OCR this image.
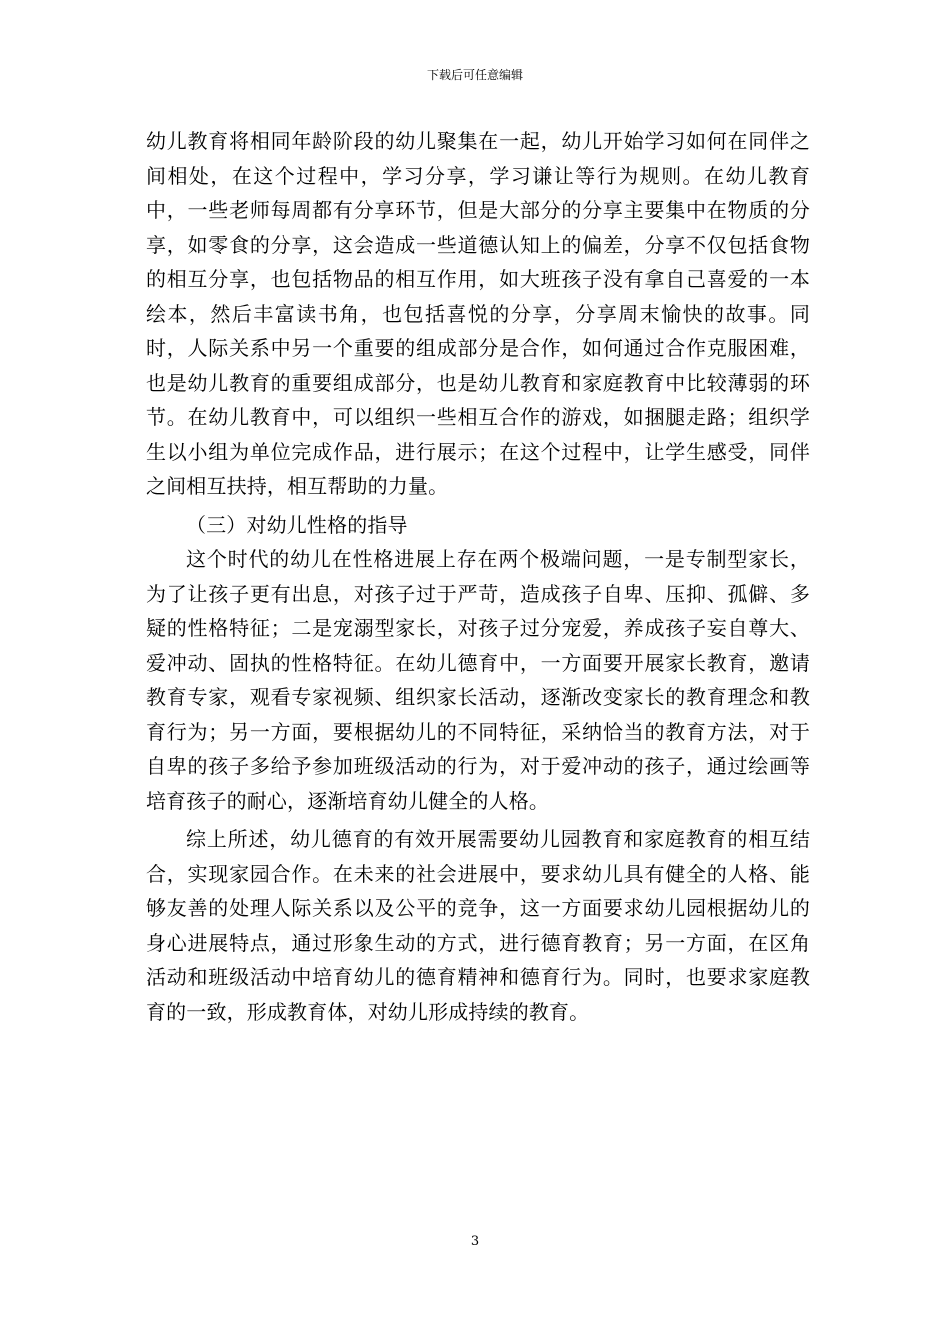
下载后可任意编辑

幼儿教育将相同年龄阶段的幼儿聚集在一起，幼儿开始学习如何在同伴之间相处，在这个过程中，学习分享，学习谦让等行为规则。在幼儿教育中，一些老师每周都有分享环节，但是大部分的分享主要集中在物质的分享，如零食的分享，这会造成一些道德认知上的偏差，分享不仅包括食物的相互分享，也包括物品的相互作用，如大班孩子没有拿自己喜爱的一本绘本，然后丰富读书角，也包括喜悦的分享，分享周末愉快的故事。同时，人际关系中另一个重要的组成部分是合作，如何通过合作克服困难，也是幼儿教育的重要组成部分，也是幼儿教育和家庭教育中比较薄弱的环节。在幼儿教育中，可以组织一些相互合作的游戏，如捆腿走路；组织学生以小组为单位完成作品，进行展示；在这个过程中，让学生感受，同伴之间相互扶持，相互帮助的力量。

（三）对幼儿性格的指导

这个时代的幼儿在性格进展上存在两个极端问题，一是专制型家长，为了让孩子更有出息，对孩子过于严苛，造成孩子自卑、压抑、孤僻、多疑的性格特征；二是宠溺型家长，对孩子过分宠爱，养成孩子妄自尊大、爱冲动、固执的性格特征。在幼儿德育中，一方面要开展家长教育，邀请教育专家，观看专家视频、组织家长活动，逐渐改变家长的教育理念和教育行为；另一方面，要根据幼儿的不同特征，采纳恰当的教育方法，对于自卑的孩子多给予参加班级活动的行为，对于爱冲动的孩子，通过绘画等培育孩子的耐心，逐渐培育幼儿健全的人格。

综上所述，幼儿德育的有效开展需要幼儿园教育和家庭教育的相互结合，实现家园合作。在未来的社会进展中，要求幼儿具有健全的人格、能够友善的处理人际关系以及公平的竞争，这一方面要求幼儿园根据幼儿的身心进展特点，通过形象生动的方式，进行德育教育；另一方面，在区角活动和班级活动中培育幼儿的德育精神和德育行为。同时，也要求家庭教育的一致，形成教育体，对幼儿形成持续的教育。

3
